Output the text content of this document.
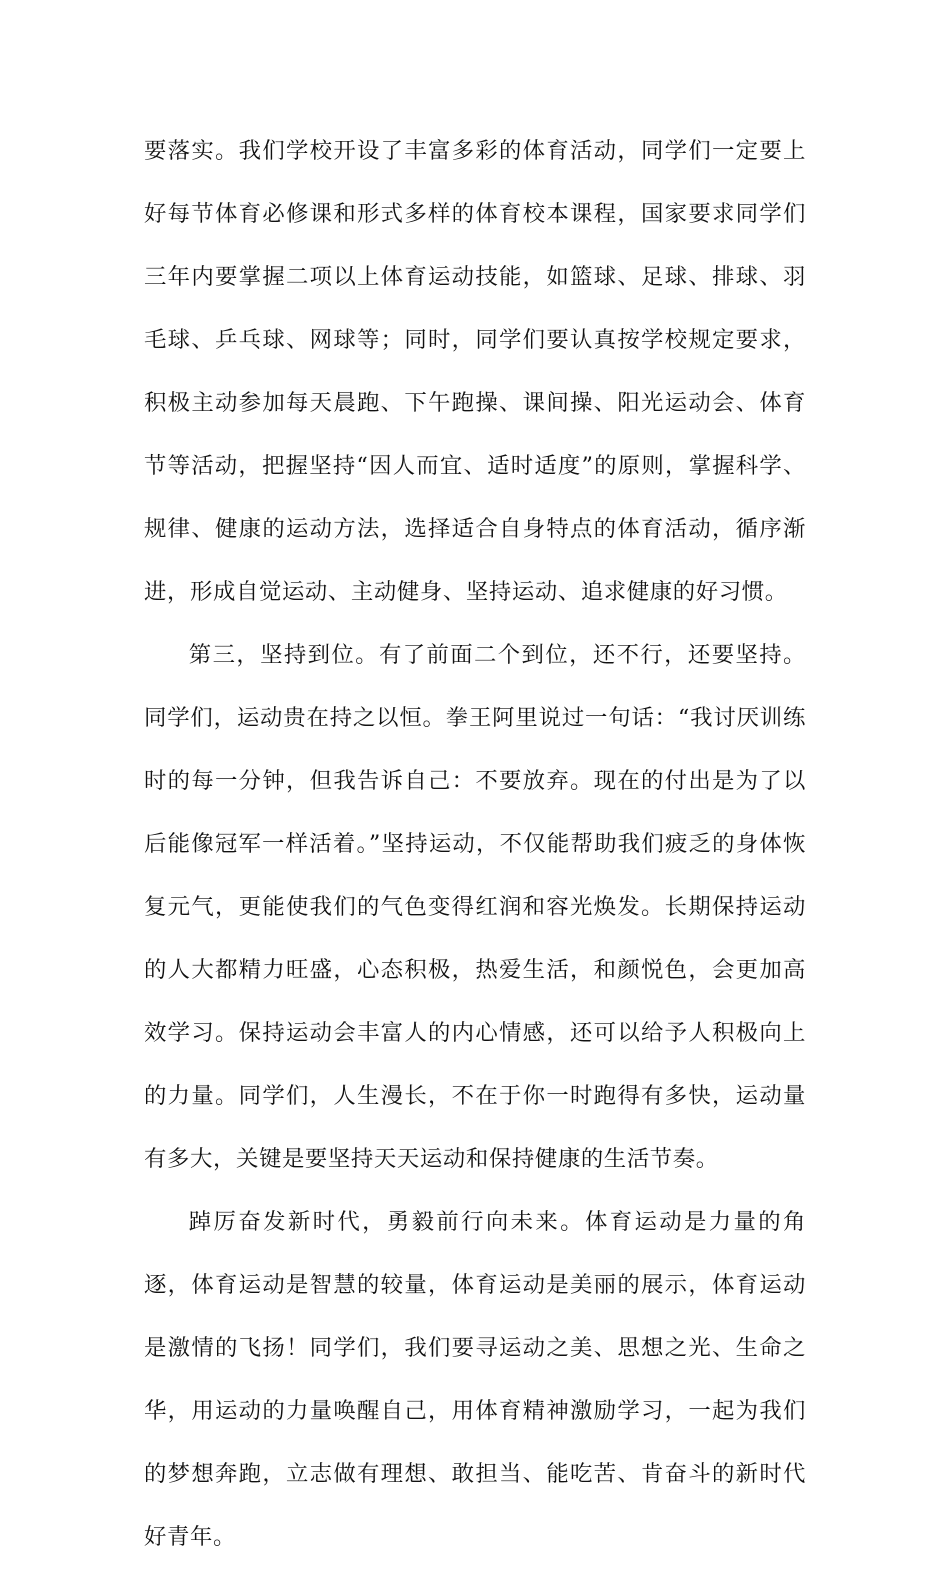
要落实。我们学校开设了丰富多彩的体育活动，同学们一定要上好每节体育必修课和形式多样的体育校本课程，国家要求同学们三年内要掌握二项以上体育运动技能，如篮球、足球、排球、羽毛球、乒乓球、网球等；同时，同学们要认真按学校规定要求，积极主动参加每天晨跑、下午跑操、课间操、阳光运动会、体育节等活动，把握坚持“因人而宜、适时适度”的原则，掌握科学、规律、健康的运动方法，选择适合自身特点的体育活动，循序渐进，形成自觉运动、主动健身、坚持运动、追求健康的好习惯。

第三，坚持到位。有了前面二个到位，还不行，还要坚持。同学们，运动贵在持之以恒。拳王阿里说过一句话：“我讨厌训练时的每一分钟，但我告诉自己：不要放弃。现在的付出是为了以后能像冠军一样活着。”坚持运动，不仅能帮助我们疲乏的身体恢复元气，更能使我们的气色变得红润和容光焕发。长期保持运动的人大都精力旺盛，心态积极，热爱生活，和颜悦色，会更加高效学习。保持运动会丰富人的内心情感，还可以给予人积极向上的力量。同学们，人生漫长，不在于你一时跑得有多快，运动量有多大，关键是要坚持天天运动和保持健康的生活节奏。

踔厉奋发新时代，勇毅前行向未来。体育运动是力量的角逐，体育运动是智慧的较量，体育运动是美丽的展示，体育运动是激情的飞扬！同学们，我们要寻运动之美、思想之光、生命之华，用运动的力量唤醒自己，用体育精神激励学习，一起为我们的梦想奔跑，立志做有理想、敢担当、能吃苦、肯奋斗的新时代好青年。
